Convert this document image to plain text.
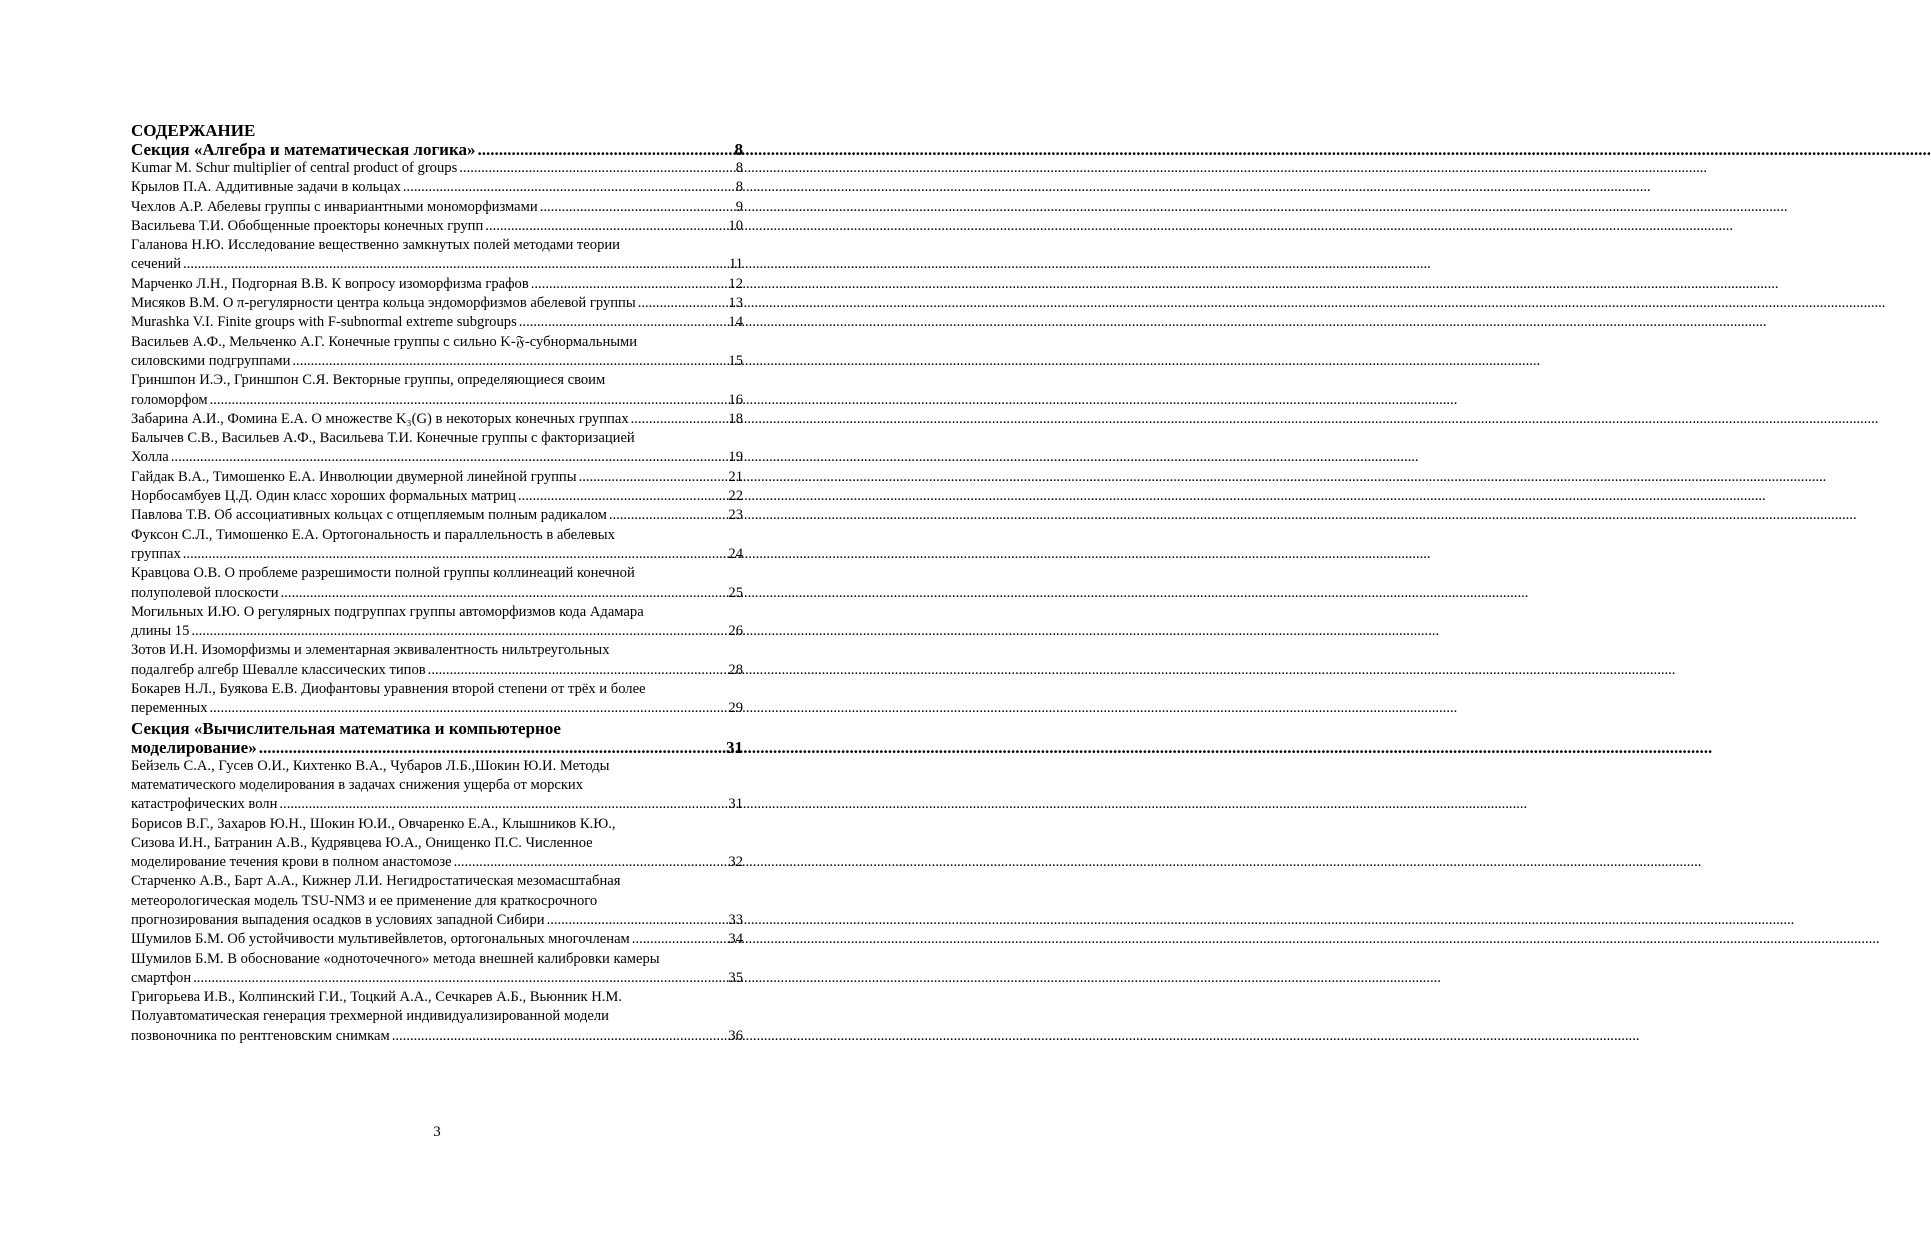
СОДЕРЖАНИЕ
Секция «Алгебра и математическая логика» .....	8
Kumar M. Schur multiplier of central product of groups .....	8
Крылов П.А. Аддитивные задачи в кольцах .....	8
Чехлов А.Р. Абелевы группы с инвариантными мономорфизмами .....	9
Васильева Т.И. Обобщенные проекторы конечных групп .....	10
Галанова Н.Ю. Исследование вещественно замкнутых полей методами теории
сечений .....	11
Марченко Л.Н., Подгорная В.В. К вопросу изоморфизма графов .....	12
Мисяков В.М. О π-регулярности центра кольца эндоморфизмов абелевой группы .....	13
Murashka V.I. Finite groups with F-subnormal extreme subgroups .....	14
Васильев А.Ф., Мельченко А.Г. Конечные группы с сильно K-𝔉-субнормальными
силовскими подгруппами .....	15
Гриншпон И.Э., Гриншпон С.Я. Векторные группы, определяющиеся своим
голоморфом .....	16
Забарина А.И., Фомина Е.А. О множестве K₃(G) в некоторых конечных группах .....	18
Балычев С.В., Васильев А.Ф., Васильева Т.И. Конечные группы с факторизацией
Холла .....	19
Гайдак В.А., Тимошенко Е.А. Инволюции двумерной линейной группы .....	21
Норбосамбуев Ц.Д. Один класс хороших формальных матриц .....	22
Павлова Т.В. Об ассоциативных кольцах с отщепляемым полным радикалом .....	23
Фуксон С.Л., Тимошенко Е.А. Ортогональность и параллельность в абелевых
группах .....	24
Кравцова О.В. О проблеме разрешимости полной группы коллинеаций конечной
полуполевой плоскости .....	25
Могильных И.Ю. О регулярных подгруппах группы автоморфизмов кода Адамара
длины 15 .....	26
Зотов И.Н. Изоморфизмы и элементарная эквивалентность нильтреугольных
подалгебр алгебр Шевалле классических типов .....	28
Бокарев Н.Л., Буякова Е.В. Диофантовы уравнения второй степени от трёх и более
переменных .....	29
Секция «Вычислительная математика и компьютерное
моделирование» .....	31
Бейзель С.А., Гусев О.И., Кихтенко В.А., Чубаров Л.Б.,Шокин Ю.И. Методы
математического моделирования в задачах снижения ущерба от морских
катастрофических волн .....	31
Борисов В.Г., Захаров Ю.Н., Шокин Ю.И., Овчаренко Е.А., Клышников К.Ю.,
Сизова И.Н., Батранин А.В., Кудрявцева Ю.А., Онищенко П.С. Численное
моделирование течения крови в полном анастомозе .....	32
Старченко А.В., Барт А.А., Кижнер Л.И. Негидростатическая мезомасштабная
метеорологическая модель TSU-NM3 и ее применение для краткосрочного
прогнозирования выпадения осадков в условиях западной Сибири .....	33
Шумилов Б.М. Об устойчивости мультивейвлетов, ортогональных многочленам .....	34
Шумилов Б.М. В обоснование «одноточечного» метода внешней калибровки камеры
смартфон .....	35
Григорьева И.В., Колпинский Г.И., Тоцкий А.А., Сечкарев А.Б., Вьюнник Н.М.
Полуавтоматическая генерация трехмерной индивидуализированной модели
позвоночника по рентгеновским снимкам .....	36
3
